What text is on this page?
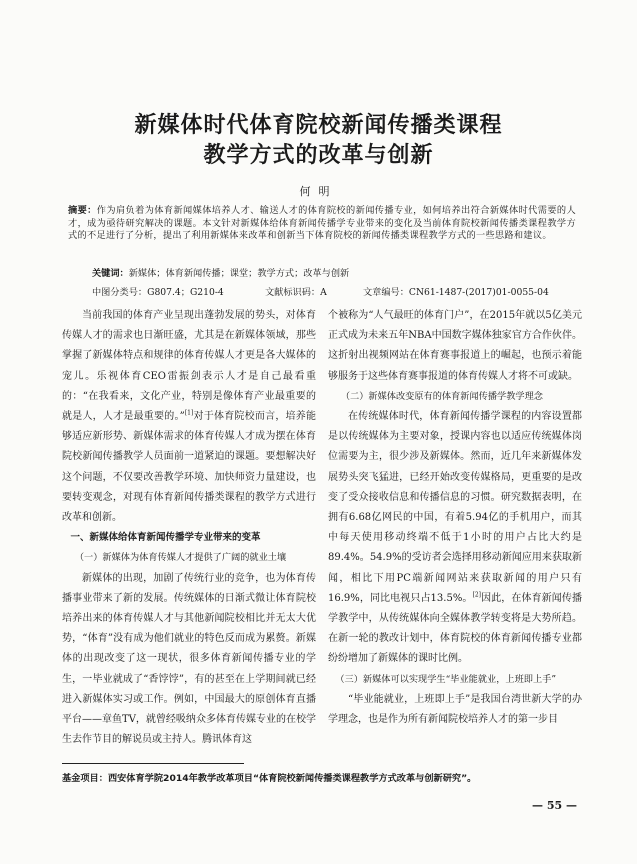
新媒体时代体育院校新闻传播类课程
教学方式的改革与创新
何明
摘要：作为肩负着为体育新闻媒体培养人才、输送人才的体育院校的新闻传播专业，如何培养出符合新媒体时代需要的人才，成为亟待研究解决的课题。本文针对新媒体给体育新闻传播学专业带来的变化及当前体育院校新闻传播类课程教学方式的不足进行了分析，提出了利用新媒体来改革和创新当下体育院校的新闻传播类课程教学方式的一些思路和建议。
关键词：新媒体；体育新闻传播；课堂；教学方式；改革与创新
中图分类号：G807.4；G210-4	文献标识码：A	文章编号：CN61-1487-(2017)01-0055-04

当前我国的体育产业呈现出蓬勃发展的势头，对体育传媒人才的需求也日渐旺盛，尤其是在新媒体领域，那些掌握了新媒体特点和规律的体育传媒人才更是各大媒体的宠儿。乐视体育CEO雷振剑表示人才是自己最看重的：“在我看来，文化产业，特别是像体育产业最重要的就是人，人才是最重要的。”[1]对于体育院校而言，培养能够适应新形势、新媒体需求的体育传媒人才成为摆在体育院校新闻传播教学人员面前一道紧迫的课题。要想解决好这个问题，不仅要改善教学环境、加快师资力量建设，也要转变观念，对现有体育新闻传播类课程的教学方式进行改革和创新。

一、新媒体给体育新闻传播学专业带来的变革

（一）新媒体为体育传媒人才提供了广阔的就业土壤

新媒体的出现，加剧了传统行业的竞争，也为体育传播事业带来了新的发展。传统媒体的日渐式微让体育院校培养出来的体育传媒人才与其他新闻院校相比并无太大优势，“体育”没有成为他们就业的特色反而成为累赘。新媒体的出现改变了这一现状，很多体育新闻传播专业的学生，一毕业就成了“香饽饽”，有的甚至在上学期间就已经进入新媒体实习或工作。例如，中国最大的原创体育直播平台——章鱼TV，就曾经吸纳众多体育传媒专业的在校学生去作节目的解说员或主持人。腾讯体育这

个被称为“人气最旺的体育门户”，在2015年就以5亿美元正式成为未来五年NBA中国数字媒体独家官方合作伙伴。这折射出视频网站在体育赛事报道上的崛起，也预示着能够服务于这些体育赛事报道的体育传媒人才将不可或缺。

（二）新媒体改变原有的体育新闻传播学教学理念

在传统媒体时代，体育新闻传播学课程的内容设置都是以传统媒体为主要对象，授课内容也以适应传统媒体岗位需要为主，很少涉及新媒体。然而，近几年来新媒体发展势头突飞猛进，已经开始改变传媒格局，更重要的是改变了受众接收信息和传播信息的习惯。研究数据表明，在拥有6.68亿网民的中国，有着5.94亿的手机用户，而其中每天使用移动终端不低于1小时的用户占比大约是89.4%。54.9%的受访者会选择用移动新闻应用来获取新闻，相比下用PC端新闻网站来获取新闻的用户只有16.9%，同比电视只占13.5%。[2]因此，在体育新闻传播学教学中，从传统媒体向全媒体教学转变将是大势所趋。在新一轮的教改计划中，体育院校的体育新闻传播专业都纷纷增加了新媒体的课时比例。

（三）新媒体可以实现学生“毕业能就业，上班即上手”

“毕业能就业，上班即上手”是我国台湾世新大学的办学理念，也是作为所有新闻院校培养人才的第一步目

基金项目：西安体育学院2014年教学改革项目“体育院校新闻传播类课程教学方式改革与创新研究”。
— 55 —
